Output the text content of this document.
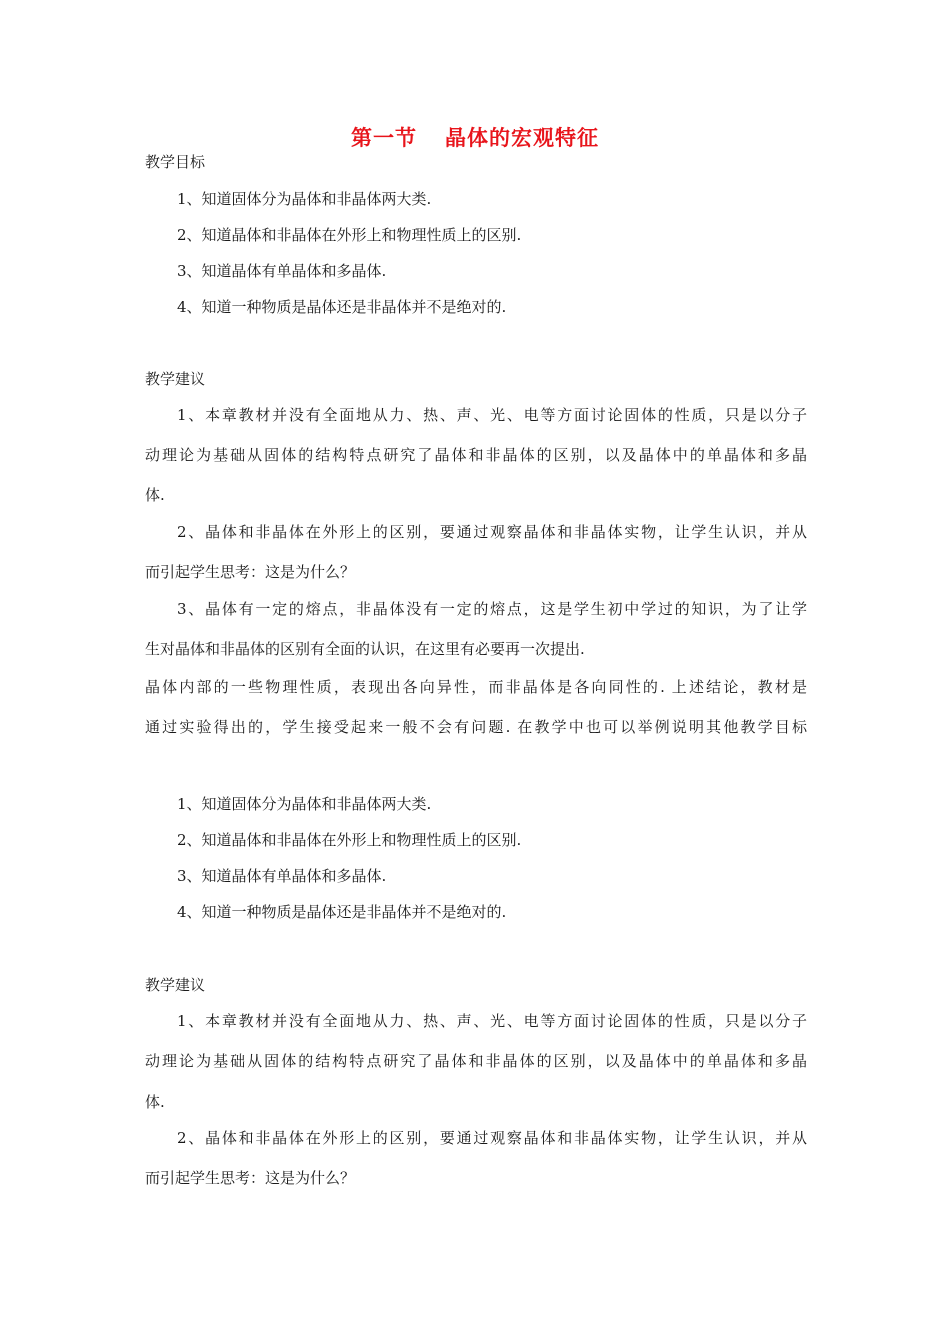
第一节 晶体的宏观特征
教学目标
1、知道固体分为晶体和非晶体两大类.
2、知道晶体和非晶体在外形上和物理性质上的区别.
3、知道晶体有单晶体和多晶体.
4、知道一种物质是晶体还是非晶体并不是绝对的.
教学建议
1、本章教材并没有全面地从力、热、声、光、电等方面讨论固体的性质，只是以分子
动理论为基础从固体的结构特点研究了晶体和非晶体的区别，以及晶体中的单晶体和多晶
体.
2、晶体和非晶体在外形上的区别，要通过观察晶体和非晶体实物，让学生认识，并从
而引起学生思考：这是为什么？
3、晶体有一定的熔点，非晶体没有一定的熔点，这是学生初中学过的知识，为了让学
生对晶体和非晶体的区别有全面的认识，在这里有必要再一次提出.
晶体内部的一些物理性质，表现出各向异性，而非晶体是各向同性的. 上述结论，教材是
通过实验得出的，学生接受起来一般不会有问题. 在教学中也可以举例说明其他教学目标
1、知道固体分为晶体和非晶体两大类.
2、知道晶体和非晶体在外形上和物理性质上的区别.
3、知道晶体有单晶体和多晶体.
4、知道一种物质是晶体还是非晶体并不是绝对的.
教学建议
1、本章教材并没有全面地从力、热、声、光、电等方面讨论固体的性质，只是以分子
动理论为基础从固体的结构特点研究了晶体和非晶体的区别，以及晶体中的单晶体和多晶
体.
2、晶体和非晶体在外形上的区别，要通过观察晶体和非晶体实物，让学生认识，并从
而引起学生思考：这是为什么？
